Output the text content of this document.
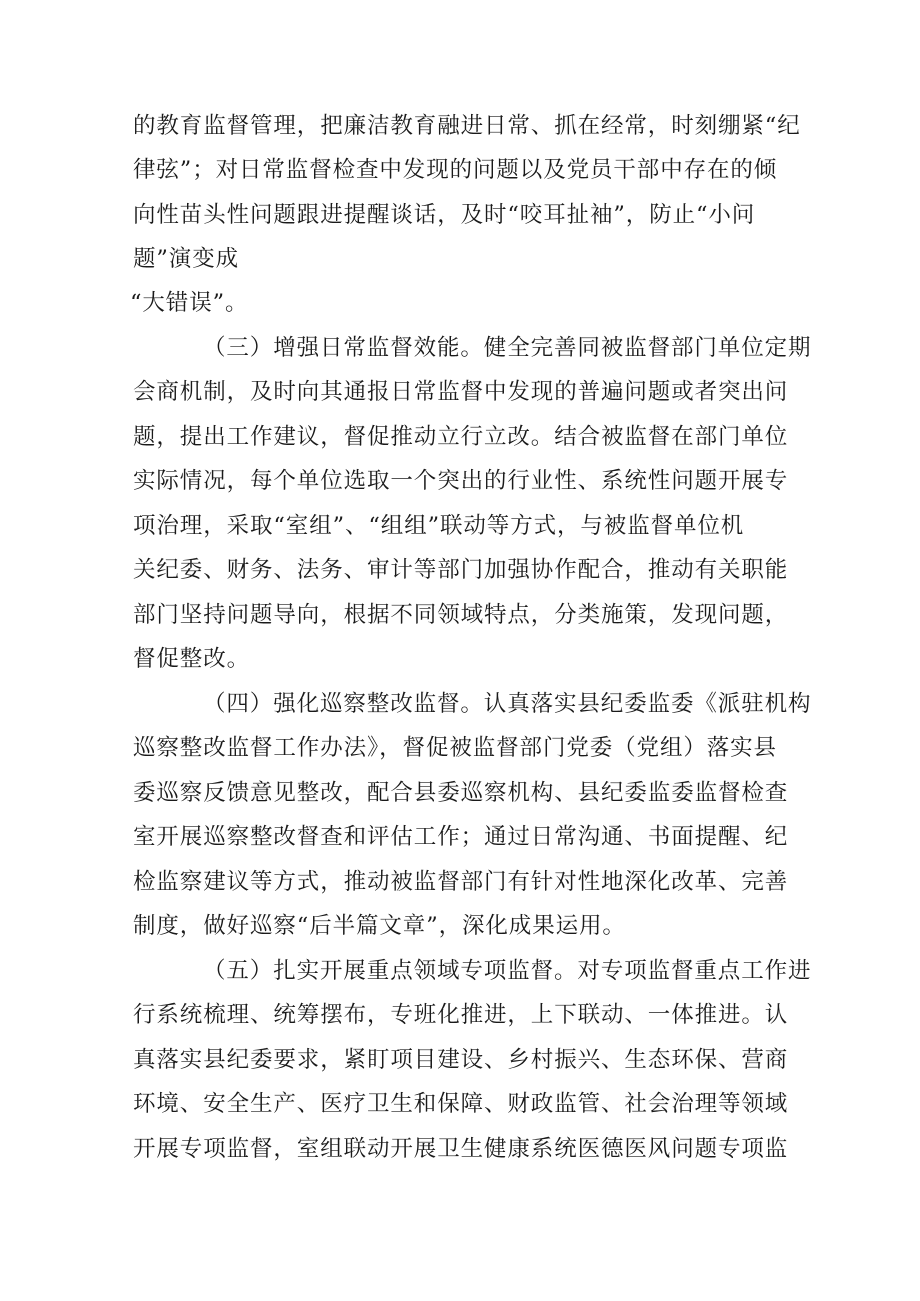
的教育监督管理，把廉洁教育融进日常、抓在经常，时刻绷紧“纪
律弦”；对日常监督检查中发现的问题以及党员干部中存在的倾
向性苗头性问题跟进提醒谈话，及时“咬耳扯袖”，防止“小问
题”演变成
“大错误”。
（三）增强日常监督效能。健全完善同被监督部门单位定期
会商机制，及时向其通报日常监督中发现的普遍问题或者突出问
题，提出工作建议，督促推动立行立改。结合被监督在部门单位
实际情况，每个单位选取一个突出的行业性、系统性问题开展专
项治理，采取“室组”、“组组”联动等方式，与被监督单位机
关纪委、财务、法务、审计等部门加强协作配合，推动有关职能
部门坚持问题导向，根据不同领域特点，分类施策，发现问题，
督促整改。
（四）强化巡察整改监督。认真落实县纪委监委《派驻机构
巡察整改监督工作办法》，督促被监督部门党委（党组）落实县
委巡察反馈意见整改，配合县委巡察机构、县纪委监委监督检查
室开展巡察整改督查和评估工作；通过日常沟通、书面提醒、纪
检监察建议等方式，推动被监督部门有针对性地深化改革、完善
制度，做好巡察“后半篇文章”，深化成果运用。
（五）扎实开展重点领域专项监督。对专项监督重点工作进
行系统梳理、统筹摆布，专班化推进，上下联动、一体推进。认
真落实县纪委要求，紧盯项目建设、乡村振兴、生态环保、营商
环境、安全生产、医疗卫生和保障、财政监管、社会治理等领域
开展专项监督，室组联动开展卫生健康系统医德医风问题专项监
